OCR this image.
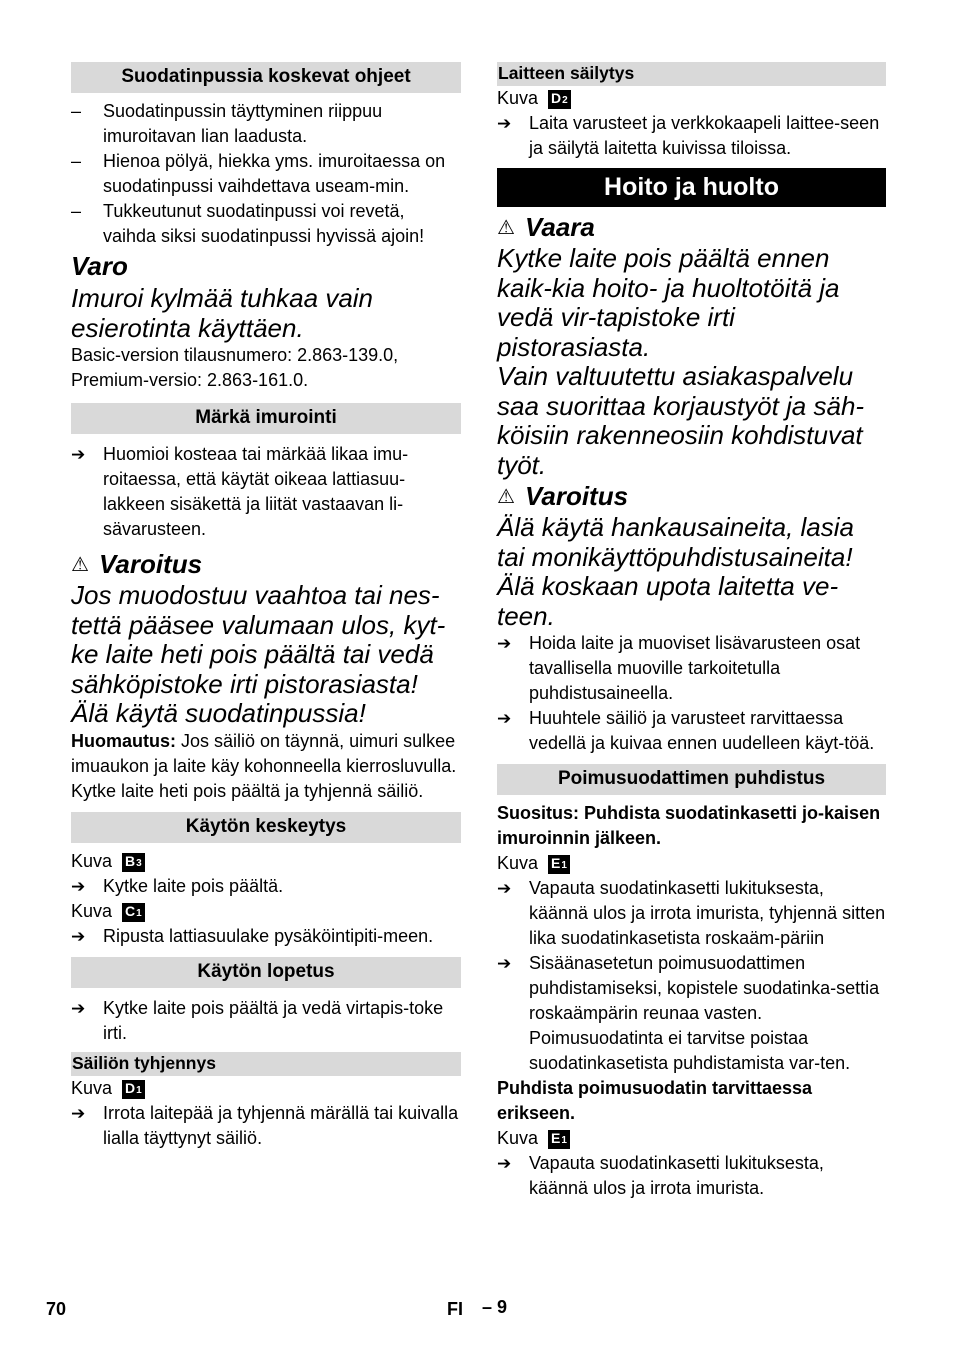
Suodatinpussia koskevat ohjeet
–	Suodatinpussin täyttyminen riippuu imuroitavan lian laadusta.
–	Hienoa pölyä, hiekka yms. imuroitaessa on suodatinpussi vaihdettava useam-min.
–	Tukkeutunut suodatinpussi voi revetä, vaihda siksi suodatinpussi hyvissä ajoin!
Varo
Imuroi kylmää tuhkaa vain esierotinta käyttäen.
Basic-version tilausnumero: 2.863-139.0, Premium-versio: 2.863-161.0.
Märkä imurointi
➔ Huomioi kosteaa tai märkää likaa imu-roitaessa, että käytät oikeaa lattiasuu-lakkeen sisäkettä ja liität vastaavan li-sävarusteen.
⚠ Varoitus
Jos muodostuu vaahtoa tai nes-tettä pääsee valumaan ulos, kyt-ke laite heti pois päältä tai vedä sähköpistoke irti pistorasiasta! Älä käytä suodatinpussia!
Huomautus: Jos säiliö on täynnä, uimuri sulkee imuaukon ja laite käy kohonneella kierrosluvulla. Kytke laite heti pois päältä ja tyhjennä säiliö.
Käytön keskeytys
Kuva B3
➔ Kytke laite pois päältä.
Kuva C1
➔ Ripusta lattiasuulake pysäköintipiti-meen.
Käytön lopetus
➔ Kytke laite pois päältä ja vedä virtapis-toke irti.
Säiliön tyhjennys
Kuva D1
➔ Irrota laitepää ja tyhjennä märällä tai kuivalla lialla täyttynyt säiliö.
Laitteen säilytys
Kuva D2
➔ Laita varusteet ja verkkokaapeli laittee-seen ja säilytä laitetta kuivissa tiloissa.
Hoito ja huolto
⚠ Vaara
Kytke laite pois päältä ennen kaik-kia hoito- ja huoltotöitä ja vedä vir-tapistoke irti pistorasiasta.
Vain valtuutettu asiakaspalvelu saa suorittaa korjaustyöt ja säh-köisiin rakenneosiin kohdistuvat työt.
⚠ Varoitus
Älä käytä hankausaineita, lasia tai monikäyttöpuhdistusaineita! Älä koskaan upota laitetta ve-teen.
➔ Hoida laite ja muoviset lisävarusteen osat tavallisella muoville tarkoitetulla puhdistusaineella.
➔ Huuhtele säiliö ja varusteet rarvittaessa vedellä ja kuivaa ennen uudelleen käyt-töä.
Poimusuodattimen puhdistus
Suositus: Puhdista suodatinkasetti jo-kaisen imuroinnin jälkeen.
Kuva E1
➔ Vapauta suodatinkasetti lukituksesta, käännä ulos ja irrota imurista, tyhjennä sitten lika suodatinkasetista roskaäm-päriin
➔ Sisäänasetetun poimusuodattimen puhdistamiseksi, kopistele suodatinka-settia roskaämpärin reunaa vasten. Poimusuodatinta ei tarvitse poistaa suodatinkasetista puhdistamista var-ten.
Puhdista poimusuodatin tarvittaessa erikseen.
Kuva E1
➔ Vapauta suodatinkasetti lukituksesta, käännä ulos ja irrota imurista.
70	FI – 9
